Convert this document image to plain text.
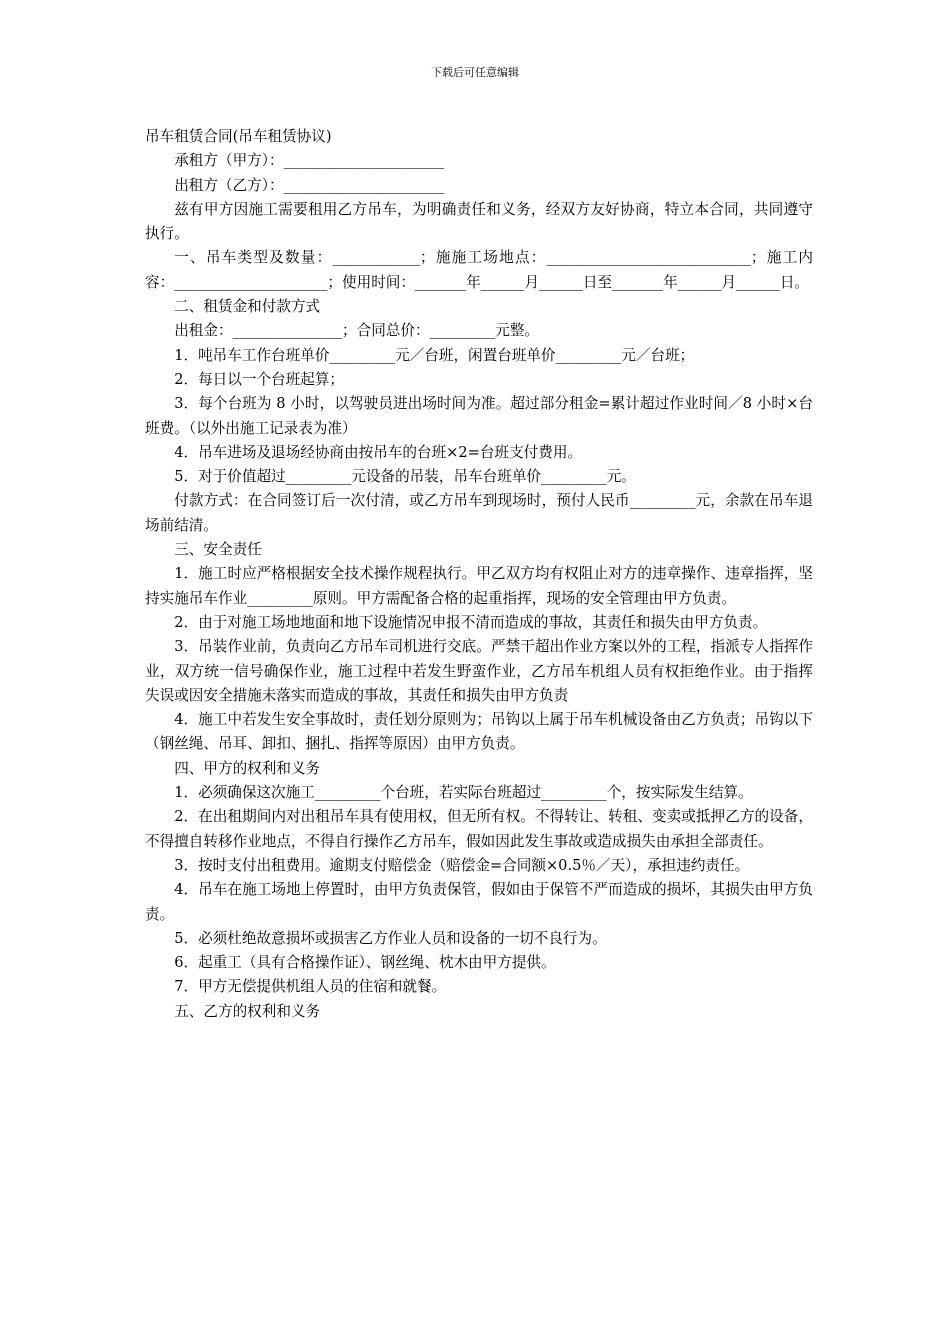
下载后可任意编辑

吊车租赁合同(吊车租赁协议)

承租方（甲方）：______________________

出租方（乙方）：______________________

兹有甲方因施工需要租用乙方吊车，为明确责任和义务，经双方友好协商，特立本合同，共同遵守执行。

一、吊车类型及数量：____________；施施工场地点：____________________________；施工内容：_____________________；使用时间：_______年______月______日至_______年______月______日。

二、租赁金和付款方式

出租金：_______________；合同总价：_________元整。

1．吨吊车工作台班单价_________元／台班，闲置台班单价_________元／台班；

2．每日以一个台班起算；

3．每个台班为 8 小时，以驾驶员进出场时间为准。超过部分租金=累计超过作业时间／8 小时×台班费。（以外出施工记录表为准）

4．吊车进场及退场经协商由按吊车的台班×2=台班支付费用。

5．对于价值超过_________元设备的吊装，吊车台班单价_________元。

付款方式：在合同签订后一次付清，或乙方吊车到现场时，预付人民币_________元，余款在吊车退场前结清。

三、安全责任

1．施工时应严格根据安全技术操作规程执行。甲乙双方均有权阻止对方的违章操作、违章指挥，坚持实施吊车作业_________原则。甲方需配备合格的起重指挥，现场的安全管理由甲方负责。

2．由于对施工场地地面和地下设施情况申报不清而造成的事故，其责任和损失由甲方负责。

3．吊装作业前，负责向乙方吊车司机进行交底。严禁干超出作业方案以外的工程，指派专人指挥作业，双方统一信号确保作业，施工过程中若发生野蛮作业，乙方吊车机组人员有权拒绝作业。由于指挥失误或因安全措施未落实而造成的事故，其责任和损失由甲方负责

4．施工中若发生安全事故时，责任划分原则为；吊钩以上属于吊车机械设备由乙方负责；吊钩以下（钢丝绳、吊耳、卸扣、捆扎、指挥等原因）由甲方负责。

四、甲方的权利和义务

1．必须确保这次施工_________个台班，若实际台班超过_________个，按实际发生结算。

2．在出租期间内对出租吊车具有使用权，但无所有权。不得转让、转租、变卖或抵押乙方的设备，不得擅自转移作业地点，不得自行操作乙方吊车，假如因此发生事故或造成损失由承担全部责任。

3．按时支付出租费用。逾期支付赔偿金（赔偿金=合同额×0.5％／天），承担违约责任。

4．吊车在施工场地上停置时，由甲方负责保管，假如由于保管不严而造成的损坏，其损失由甲方负责。

5．必须杜绝故意损坏或损害乙方作业人员和设备的一切不良行为。

6．起重工（具有合格操作证）、钢丝绳、枕木由甲方提供。

7．甲方无偿提供机组人员的住宿和就餐。

五、乙方的权利和义务
